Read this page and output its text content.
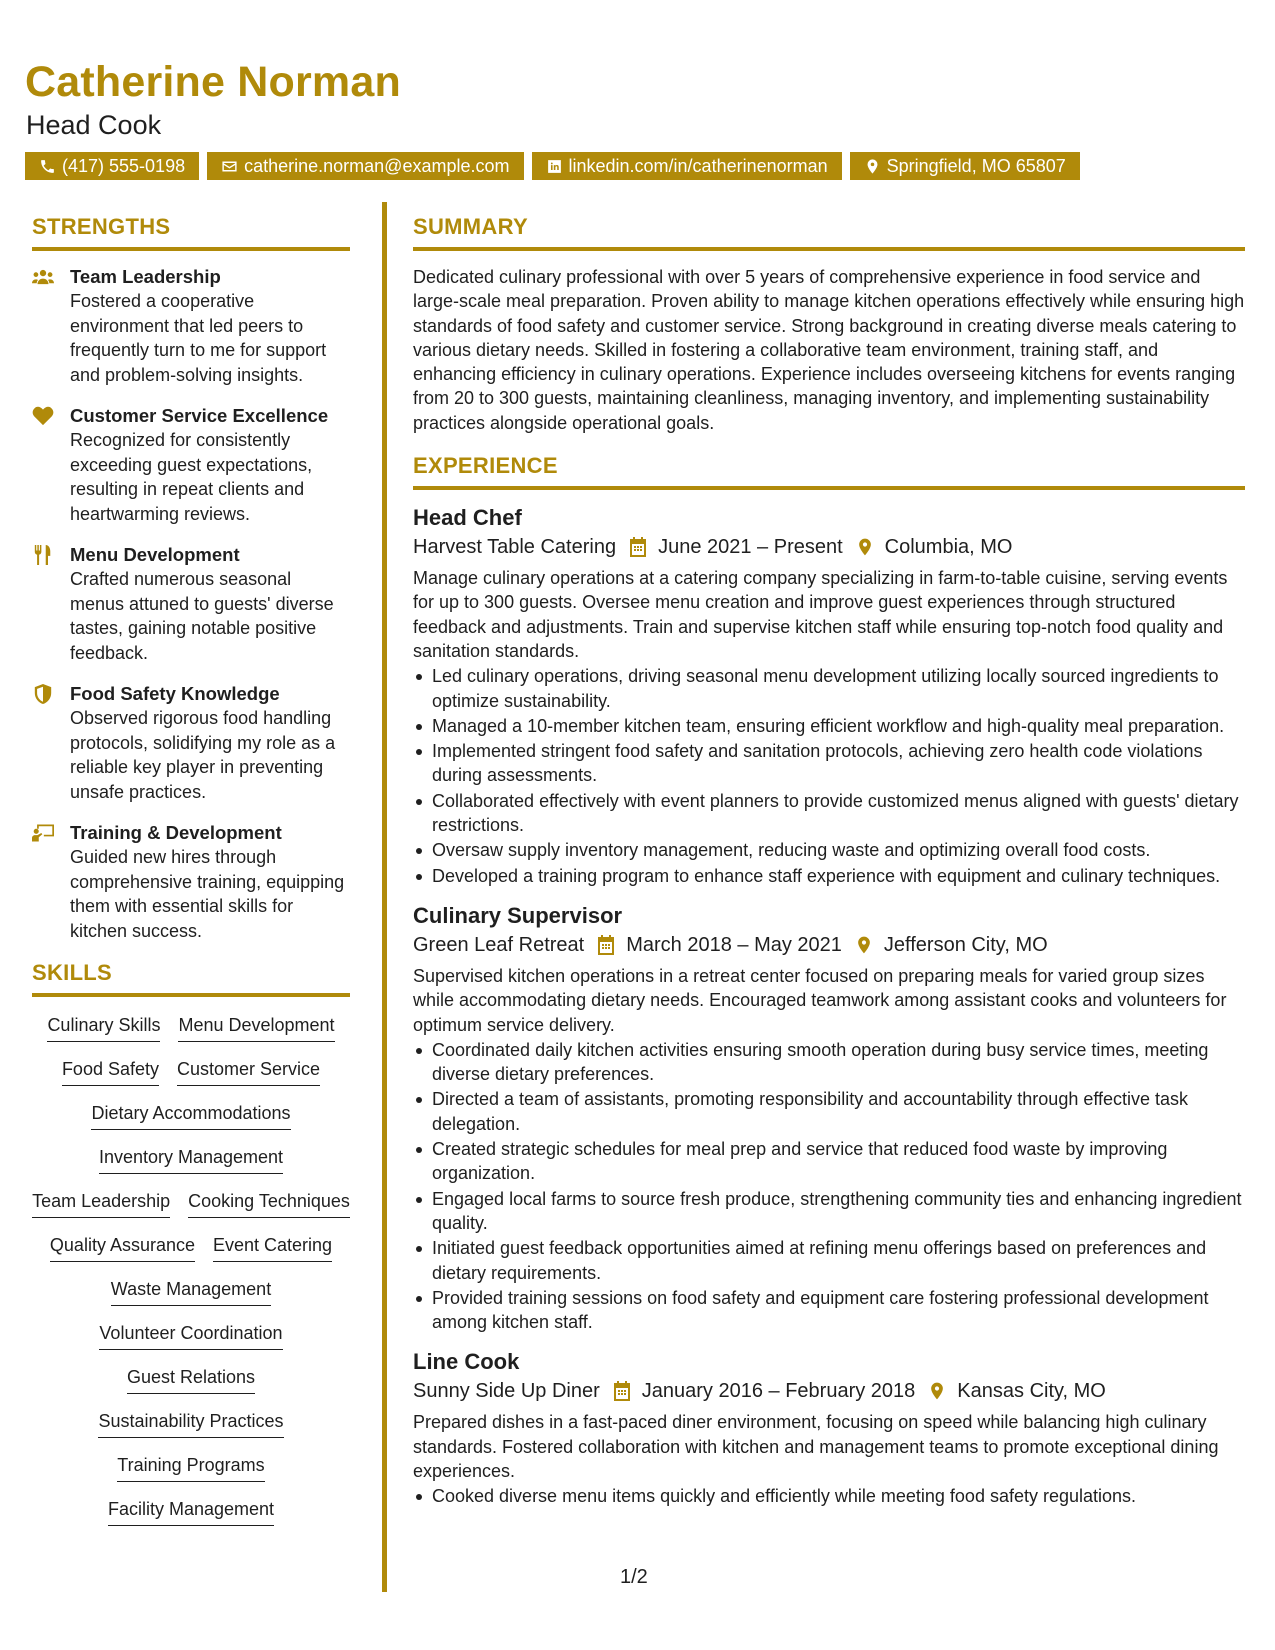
Catherine Norman
Head Cook
(417) 555-0198	catherine.norman@example.com	linkedin.com/in/catherinenorman	Springfield, MO 65807
STRENGTHS
Team Leadership
Fostered a cooperative environment that led peers to frequently turn to me for support and problem-solving insights.
Customer Service Excellence
Recognized for consistently exceeding guest expectations, resulting in repeat clients and heartwarming reviews.
Menu Development
Crafted numerous seasonal menus attuned to guests' diverse tastes, gaining notable positive feedback.
Food Safety Knowledge
Observed rigorous food handling protocols, solidifying my role as a reliable key player in preventing unsafe practices.
Training & Development
Guided new hires through comprehensive training, equipping them with essential skills for kitchen success.
SKILLS
Culinary Skills Menu Development
Food Safety Customer Service
Dietary Accommodations
Inventory Management
Team Leadership Cooking Techniques
Quality Assurance Event Catering
Waste Management
Volunteer Coordination
Guest Relations
Sustainability Practices
Training Programs
Facility Management
SUMMARY
Dedicated culinary professional with over 5 years of comprehensive experience in food service and large-scale meal preparation. Proven ability to manage kitchen operations effectively while ensuring high standards of food safety and customer service. Strong background in creating diverse meals catering to various dietary needs. Skilled in fostering a collaborative team environment, training staff, and enhancing efficiency in culinary operations. Experience includes overseeing kitchens for events ranging from 20 to 300 guests, maintaining cleanliness, managing inventory, and implementing sustainability practices alongside operational goals.
EXPERIENCE
Head Chef
Harvest Table Catering June 2021 – Present Columbia, MO
Manage culinary operations at a catering company specializing in farm-to-table cuisine, serving events for up to 300 guests. Oversee menu creation and improve guest experiences through structured feedback and adjustments. Train and supervise kitchen staff while ensuring top-notch food quality and sanitation standards.
Led culinary operations, driving seasonal menu development utilizing locally sourced ingredients to optimize sustainability.
Managed a 10-member kitchen team, ensuring efficient workflow and high-quality meal preparation.
Implemented stringent food safety and sanitation protocols, achieving zero health code violations during assessments.
Collaborated effectively with event planners to provide customized menus aligned with guests' dietary restrictions.
Oversaw supply inventory management, reducing waste and optimizing overall food costs.
Developed a training program to enhance staff experience with equipment and culinary techniques.
Culinary Supervisor
Green Leaf Retreat March 2018 – May 2021 Jefferson City, MO
Supervised kitchen operations in a retreat center focused on preparing meals for varied group sizes while accommodating dietary needs. Encouraged teamwork among assistant cooks and volunteers for optimum service delivery.
Coordinated daily kitchen activities ensuring smooth operation during busy service times, meeting diverse dietary preferences.
Directed a team of assistants, promoting responsibility and accountability through effective task delegation.
Created strategic schedules for meal prep and service that reduced food waste by improving organization.
Engaged local farms to source fresh produce, strengthening community ties and enhancing ingredient quality.
Initiated guest feedback opportunities aimed at refining menu offerings based on preferences and dietary requirements.
Provided training sessions on food safety and equipment care fostering professional development among kitchen staff.
Line Cook
Sunny Side Up Diner January 2016 – February 2018 Kansas City, MO
Prepared dishes in a fast-paced diner environment, focusing on speed while balancing high culinary standards. Fostered collaboration with kitchen and management teams to promote exceptional dining experiences.
Cooked diverse menu items quickly and efficiently while meeting food safety regulations.
1/2
